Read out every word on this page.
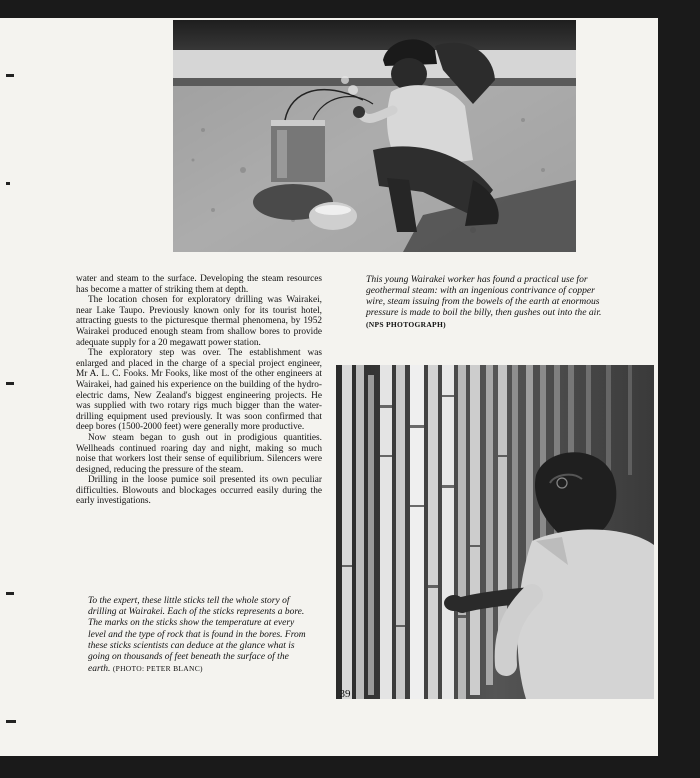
water and steam to the surface. Developing the steam resources has become a matter of striking them at depth.

The location chosen for exploratory drilling was Wairakei, near Lake Taupo. Previously known only for its tourist hotel, attracting guests to the picturesque thermal phenomena, by 1952 Wairakei produced enough steam from shallow bores to provide adequate supply for a 20 megawatt power station.

The exploratory step was over. The establishment was enlarged and placed in the charge of a special project engineer, Mr A. L. C. Fooks. Mr Fooks, like most of the other engineers at Wairakei, had gained his experience on the building of the hydro-electric dams, New Zealand's biggest engineering projects. He was supplied with two rotary rigs much bigger than the water-drilling equipment used previously. It was soon confirmed that deep bores (1500-2000 feet) were generally more productive.

Now steam began to gush out in prodigious quantities. Wellheads continued roaring day and night, making so much noise that workers lost their sense of equilibrium. Silencers were designed, reducing the pressure of the steam.

Drilling in the loose pumice soil presented its own peculiar difficulties. Blowouts and blockages occurred easily during the early investigations.

This young Wairakei worker has found a practical use for geothermal steam: with an ingenious contrivance of copper wire, steam issuing from the bowels of the earth at enormous pressure is made to boil the billy, then gushes out into the air.
(NPS PHOTOGRAPH)
To the expert, these little sticks tell the whole story of drilling at Wairakei. Each of the sticks represents a bore. The marks on the sticks show the temperature at every level and the type of rock that is found in the bores. From these sticks scientists can deduce at the glance what is going on thousands of feet beneath the surface of the earth. (PHOTO: PETER BLANC)
39
